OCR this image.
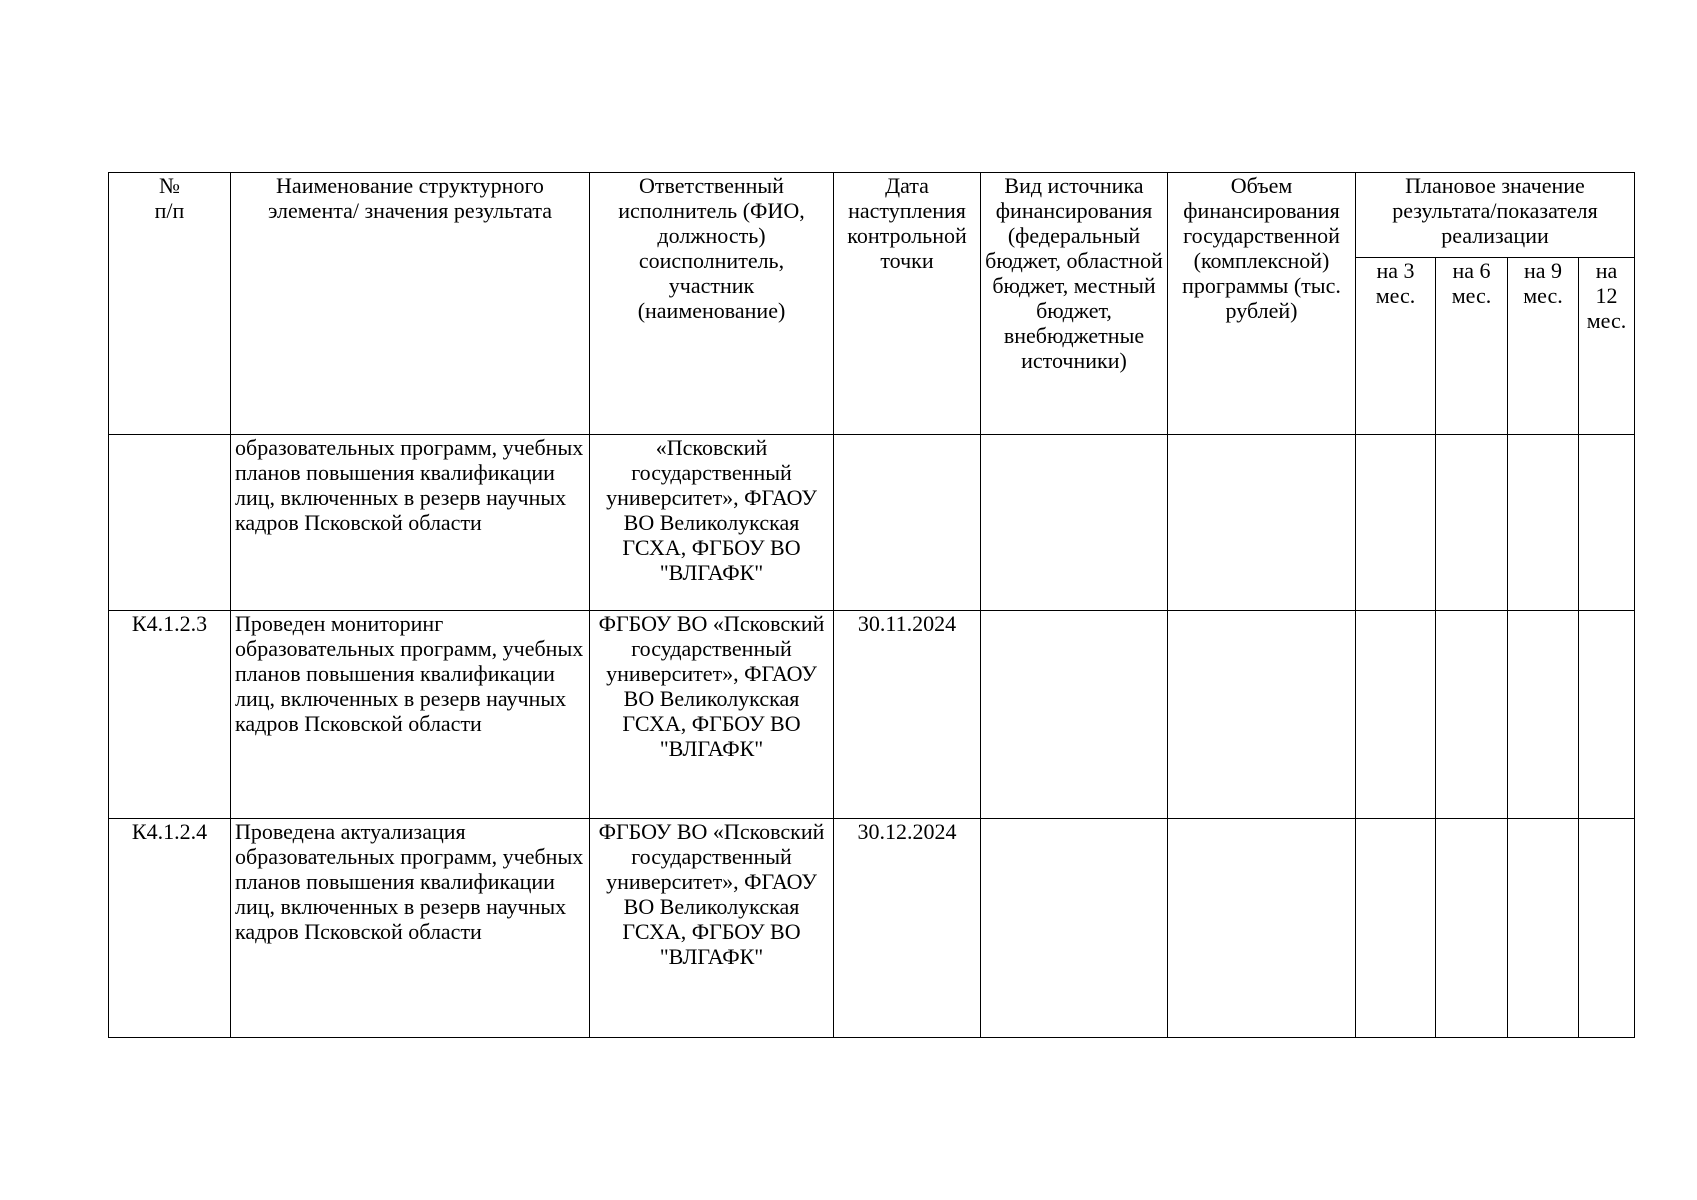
№ п/п	Наименование структурного элемента/ значения результата	Ответственный исполнитель (ФИО, должность) соисполнитель, участник (наименование)	Дата наступления контрольной точки	Вид источника финансирования (федеральный бюджет, областной бюджет, местный бюджет, внебюджетные источники)	Объем финансирования государственной (комплексной) программы (тыс. рублей)	Плановое значение результата/показателя реализации			
						на 3 мес.	на 6 мес.	на 9 мес.	на 12 мес.
	образовательных программ, учебных планов повышения квалификации лиц, включенных в резерв научных кадров Псковской области	«Псковский государственный университет», ФГАОУ ВО Великолукская ГСХА, ФГБОУ ВО "ВЛГАФК"							
К4.1.2.3	Проведен мониторинг образовательных программ, учебных планов повышения квалификации лиц, включенных в резерв научных кадров Псковской области	ФГБОУ ВО «Псковский государственный университет», ФГАОУ ВО Великолукская ГСХА, ФГБОУ ВО "ВЛГАФК"	30.11.2024						
К4.1.2.4	Проведена актуализация образовательных программ, учебных планов повышения квалификации лиц, включенных в резерв научных кадров Псковской области	ФГБОУ ВО «Псковский государственный университет», ФГАОУ ВО Великолукская ГСХА, ФГБОУ ВО "ВЛГАФК"	30.12.2024						
